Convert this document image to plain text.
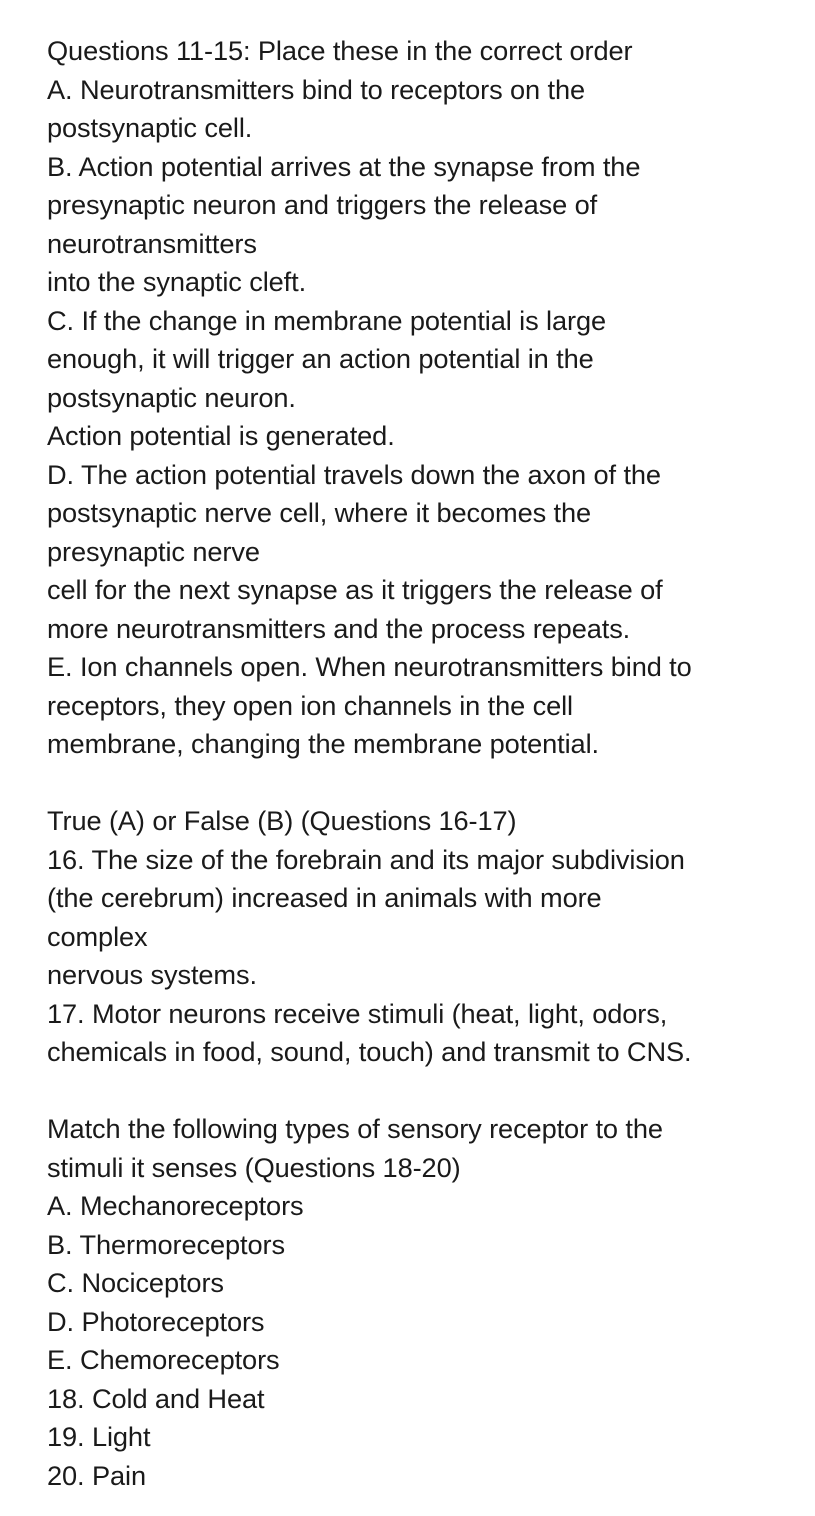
Questions 11-15: Place these in the correct order
A. Neurotransmitters bind to receptors on the
postsynaptic cell.
B. Action potential arrives at the synapse from the
presynaptic neuron and triggers the release of
neurotransmitters
into the synaptic cleft.
C. If the change in membrane potential is large
enough, it will trigger an action potential in the
postsynaptic neuron.
Action potential is generated.
D. The action potential travels down the axon of the
postsynaptic nerve cell, where it becomes the
presynaptic nerve
cell for the next synapse as it triggers the release of
more neurotransmitters and the process repeats.
E. Ion channels open. When neurotransmitters bind to
receptors, they open ion channels in the cell
membrane, changing the membrane potential.
True (A) or False (B) (Questions 16-17)
16. The size of the forebrain and its major subdivision
(the cerebrum) increased in animals with more
complex
nervous systems.
17. Motor neurons receive stimuli (heat, light, odors,
chemicals in food, sound, touch) and transmit to CNS.
Match the following types of sensory receptor to the
stimuli it senses (Questions 18-20)
A. Mechanoreceptors
B. Thermoreceptors
C. Nociceptors
D. Photoreceptors
E. Chemoreceptors
18. Cold and Heat
19. Light
20. Pain
